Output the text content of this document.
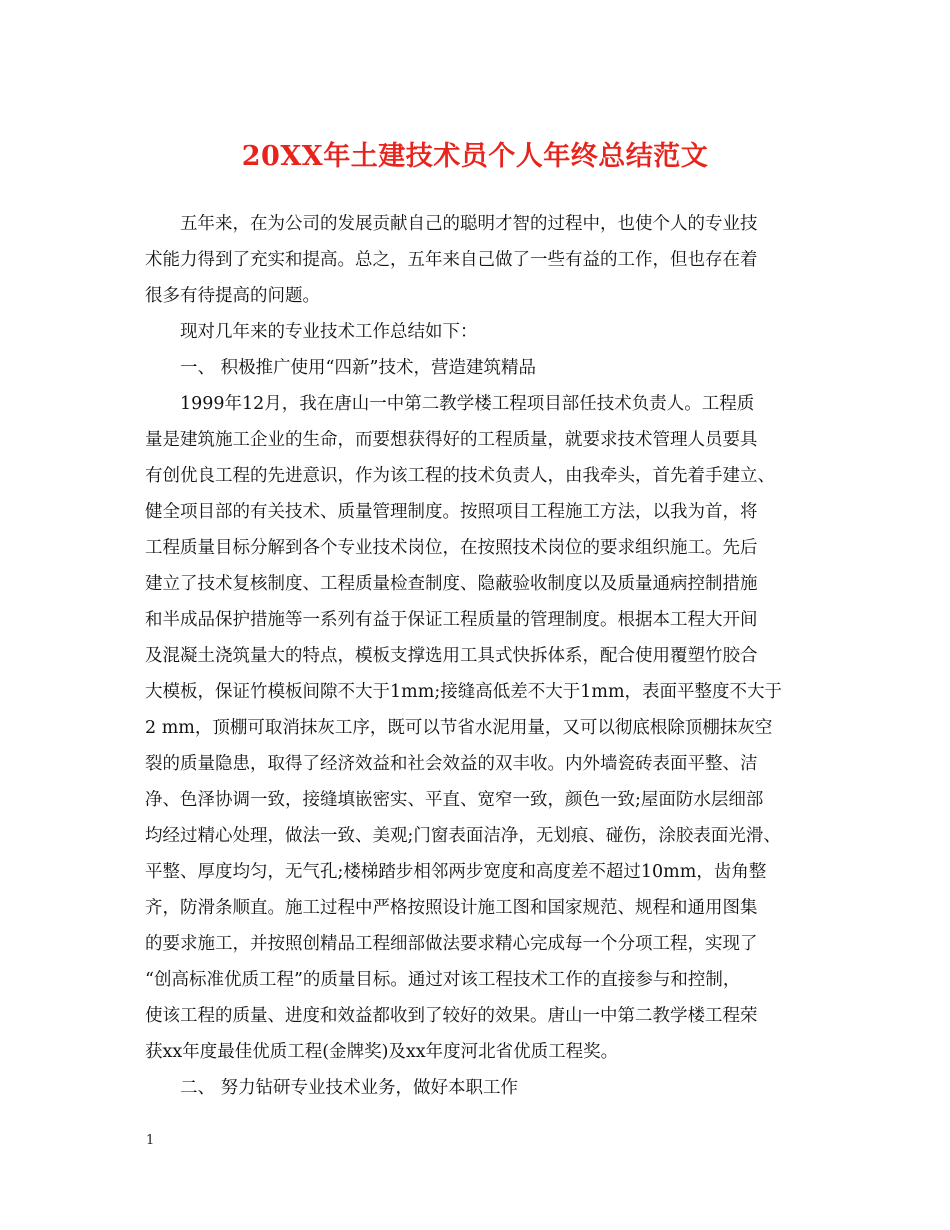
20XX年土建技术员个人年终总结范文
五年来，在为公司的发展贡献自己的聪明才智的过程中，也使个人的专业技
术能力得到了充实和提高。总之，五年来自己做了一些有益的工作，但也存在着
很多有待提高的问题。
现对几年来的专业技术工作总结如下：
一、 积极推广使用“四新”技术，营造建筑精品
1999年12月，我在唐山一中第二教学楼工程项目部任技术负责人。工程质
量是建筑施工企业的生命，而要想获得好的工程质量，就要求技术管理人员要具
有创优良工程的先进意识，作为该工程的技术负责人，由我牵头，首先着手建立、
健全项目部的有关技术、质量管理制度。按照项目工程施工方法，以我为首，将
工程质量目标分解到各个专业技术岗位，在按照技术岗位的要求组织施工。先后
建立了技术复核制度、工程质量检查制度、隐蔽验收制度以及质量通病控制措施
和半成品保护措施等一系列有益于保证工程质量的管理制度。根据本工程大开间
及混凝土浇筑量大的特点，模板支撑选用工具式快拆体系，配合使用覆塑竹胶合
大模板，保证竹模板间隙不大于1mm;接缝高低差不大于1mm，表面平整度不大于
2 mm，顶棚可取消抹灰工序，既可以节省水泥用量，又可以彻底根除顶棚抹灰空
裂的质量隐患，取得了经济效益和社会效益的双丰收。内外墙瓷砖表面平整、洁
净、色泽协调一致，接缝填嵌密实、平直、宽窄一致，颜色一致;屋面防水层细部
均经过精心处理，做法一致、美观;门窗表面洁净，无划痕、碰伤，涂胶表面光滑、
平整、厚度均匀，无气孔;楼梯踏步相邻两步宽度和高度差不超过10mm，齿角整
齐，防滑条顺直。施工过程中严格按照设计施工图和国家规范、规程和通用图集
的要求施工，并按照创精品工程细部做法要求精心完成每一个分项工程，实现了
“创高标准优质工程”的质量目标。通过对该工程技术工作的直接参与和控制，
使该工程的质量、进度和效益都收到了较好的效果。唐山一中第二教学楼工程荣
获xx年度最佳优质工程(金牌奖)及xx年度河北省优质工程奖。
二、 努力钻研专业技术业务，做好本职工作
1
